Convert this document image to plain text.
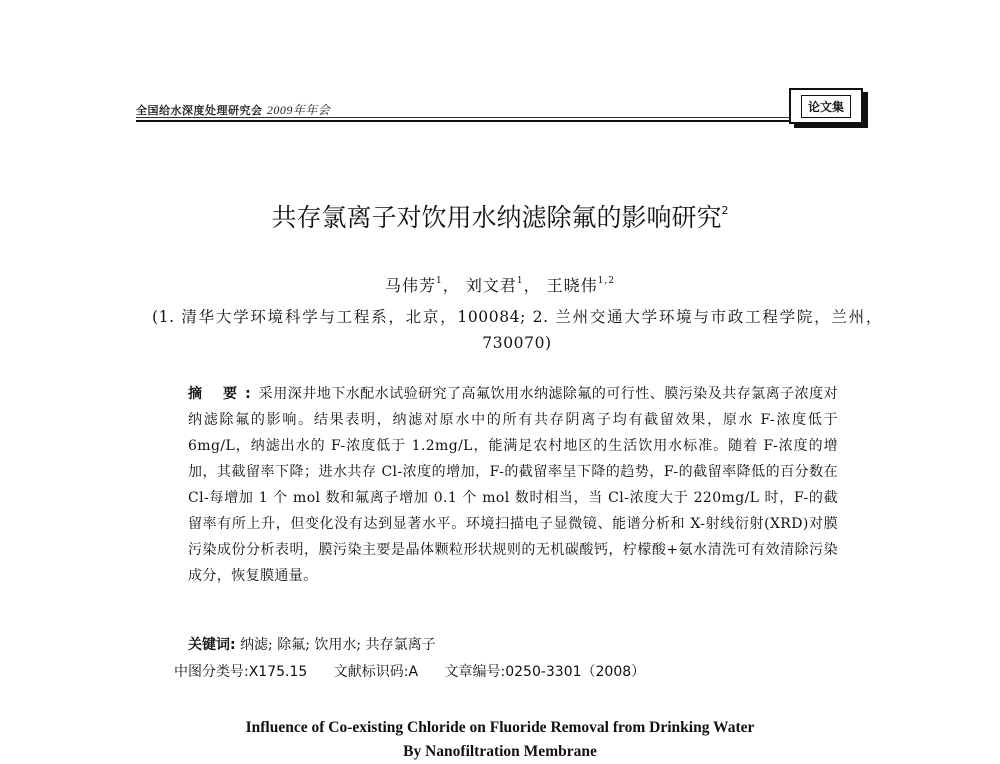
全国给水深度处理研究会 2009年年会	论文集
共存氯离子对饮用水纳滤除氟的影响研究$^2$
马伟芳$^1$， 刘文君$^1$， 王晓伟$^{1,2}$
(1. 清华大学环境科学与工程系，北京，100084; 2. 兰州交通大学环境与市政工程学院，兰州，730070)
摘 要:采用深井地下水配水试验研究了高氟饮用水纳滤除氟的可行性、膜污染及共存氯离子浓度对纳滤除氟的影响。结果表明，纳滤对原水中的所有共存阴离子均有截留效果，原水 F-浓度低于 6mg/L，纳滤出水的 F-浓度低于 1.2mg/L，能满足农村地区的生活饮用水标准。随着 F-浓度的增加，其截留率下降；进水共存 Cl-浓度的增加，F-的截留率呈下降的趋势，F-的截留率降低的百分数在 Cl-每增加 1 个 mol 数和氟离子增加 0.1 个 mol 数时相当，当 Cl-浓度大于 220mg/L 时，F-的截留率有所上升，但变化没有达到显著水平。环境扫描电子显微镜、能谱分析和 X-射线衍射(XRD)对膜污染成份分析表明，膜污染主要是晶体颗粒形状规则的无机碳酸钙，柠檬酸+氨水清洗可有效清除污染成分，恢复膜通量。
关键词: 纳滤; 除氟; 饮用水; 共存氯离子
中图分类号:X175.15 文献标识码:A 文章编号:0250-3301（2008）
Influence of Co-existing Chloride on Fluoride Removal from Drinking Water
By Nanofiltration Membrane
